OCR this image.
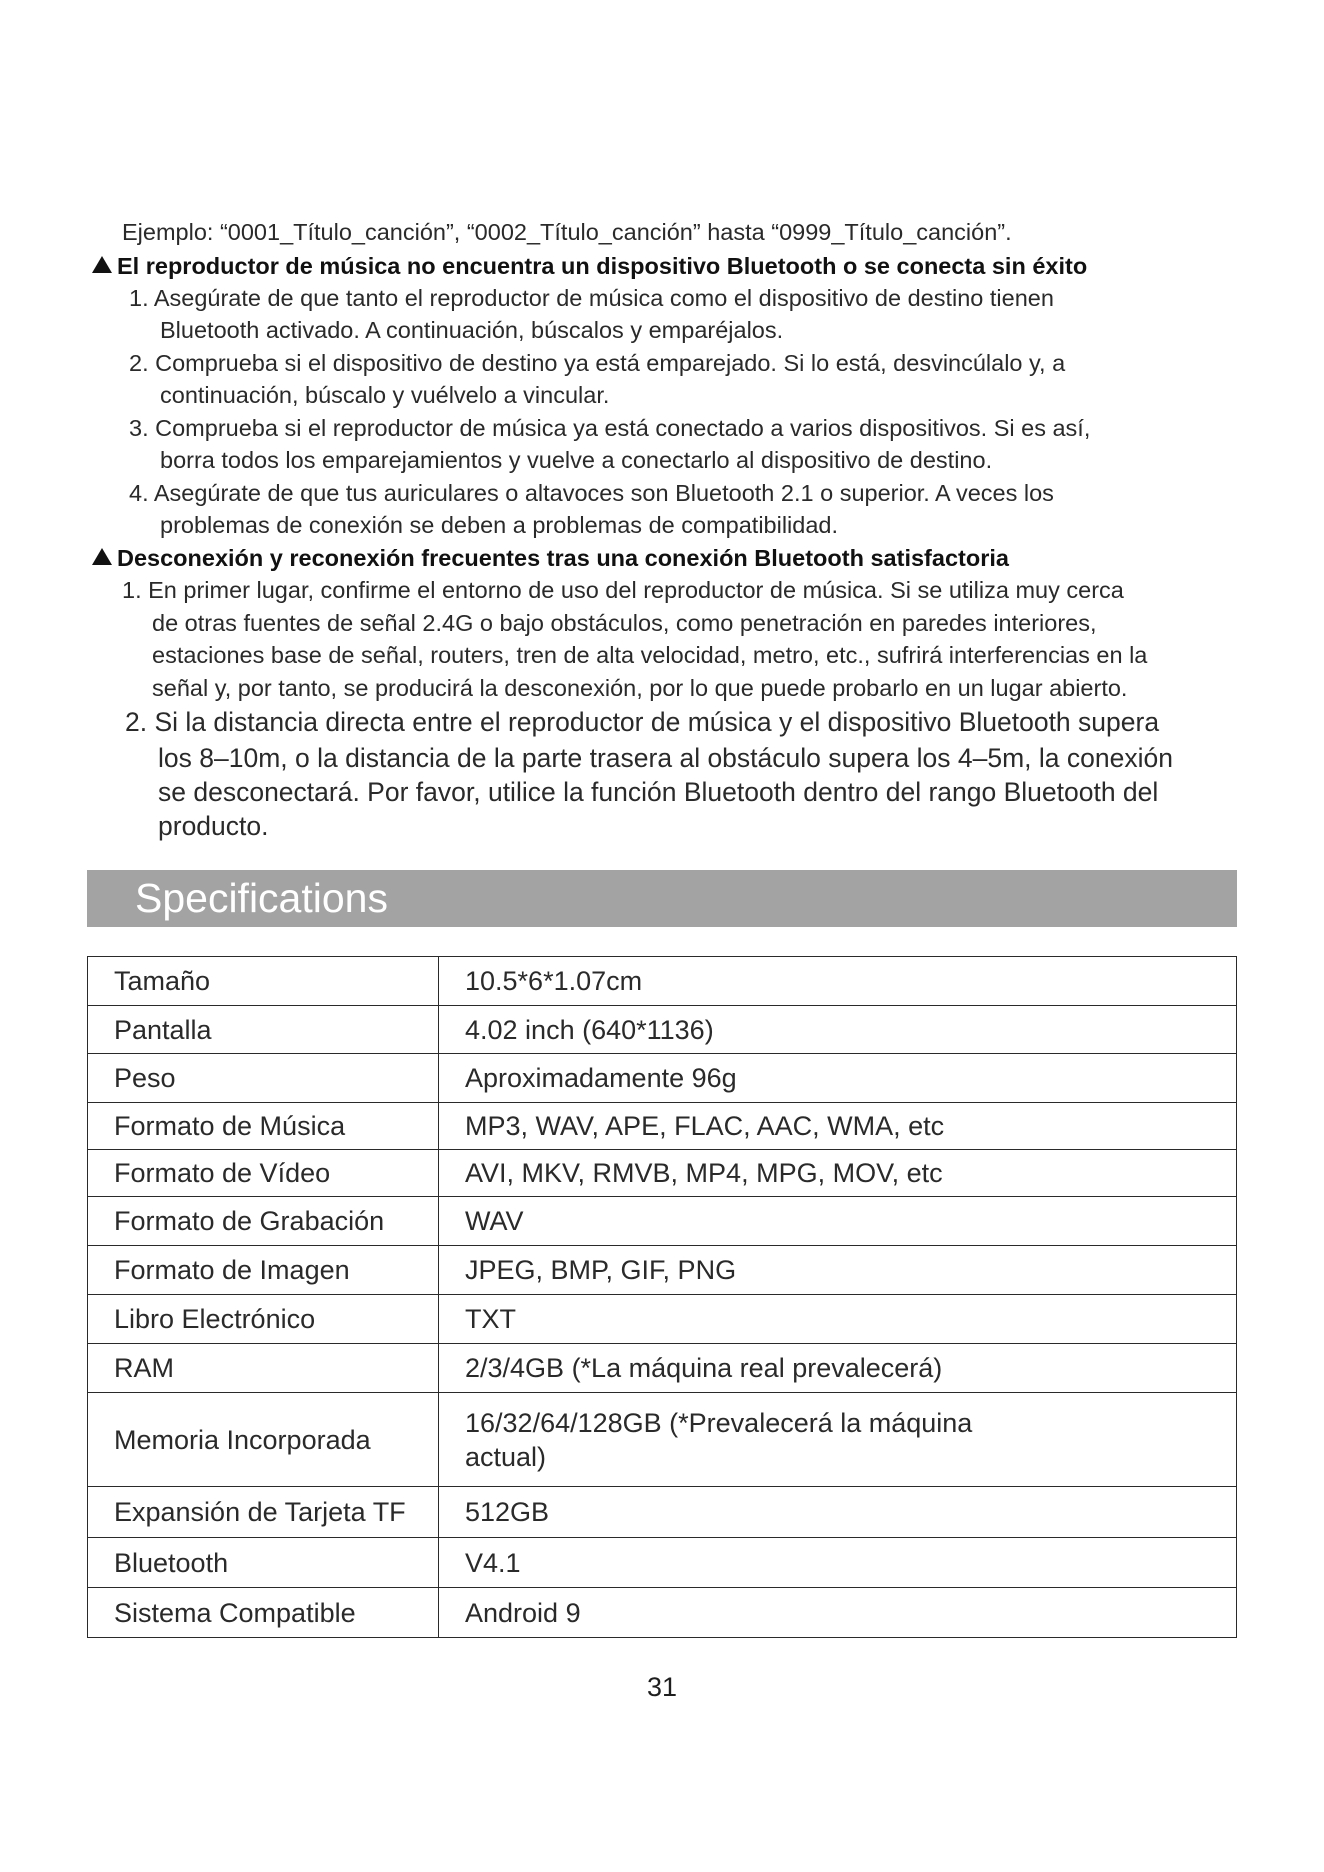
Ejemplo: “0001_Título_canción”, “0002_Título_canción” hasta “0999_Título_canción”.
El reproductor de música no encuentra un dispositivo Bluetooth o se conecta sin éxito
1. Asegúrate de que tanto el reproductor de música como el dispositivo de destino tienen
Bluetooth activado. A continuación, búscalos y emparéjalos.
2. Comprueba si el dispositivo de destino ya está emparejado. Si lo está, desvincúlalo y, a
continuación, búscalo y vuélvelo a vincular.
3. Comprueba si el reproductor de música ya está conectado a varios dispositivos. Si es así,
borra todos los emparejamientos y vuelve a conectarlo al dispositivo de destino.
4. Asegúrate de que tus auriculares o altavoces son Bluetooth 2.1 o superior. A veces los
problemas de conexión se deben a problemas de compatibilidad.
Desconexión y reconexión frecuentes tras una conexión Bluetooth satisfactoria
1. En primer lugar, confirme el entorno de uso del reproductor de música. Si se utiliza muy cerca
de otras fuentes de señal 2.4G o bajo obstáculos, como penetración en paredes interiores,
estaciones base de señal, routers, tren de alta velocidad, metro, etc., sufrirá interferencias en la
señal y, por tanto, se producirá la desconexión, por lo que puede probarlo en un lugar abierto.
2. Si la distancia directa entre el reproductor de música y el dispositivo Bluetooth supera
los 8–10m, o la distancia de la parte trasera al obstáculo supera los 4–5m, la conexión
se desconectará. Por favor, utilice la función Bluetooth dentro del rango Bluetooth del
producto.
Specifications
Tamaño	10.5*6*1.07cm
Pantalla	4.02 inch (640*1136)
Peso	Aproximadamente 96g
Formato de Música	MP3, WAV, APE, FLAC, AAC, WMA, etc
Formato de Vídeo	AVI, MKV, RMVB, MP4, MPG, MOV, etc
Formato de Grabación	WAV
Formato de Imagen	JPEG, BMP, GIF, PNG
Libro Electrónico	TXT
RAM	2/3/4GB (*La máquina real prevalecerá)
Memoria Incorporada	16/32/64/128GB (*Prevalecerá la máquina actual)
Expansión de Tarjeta TF	512GB
Bluetooth	V4.1
Sistema Compatible	Android 9
31
